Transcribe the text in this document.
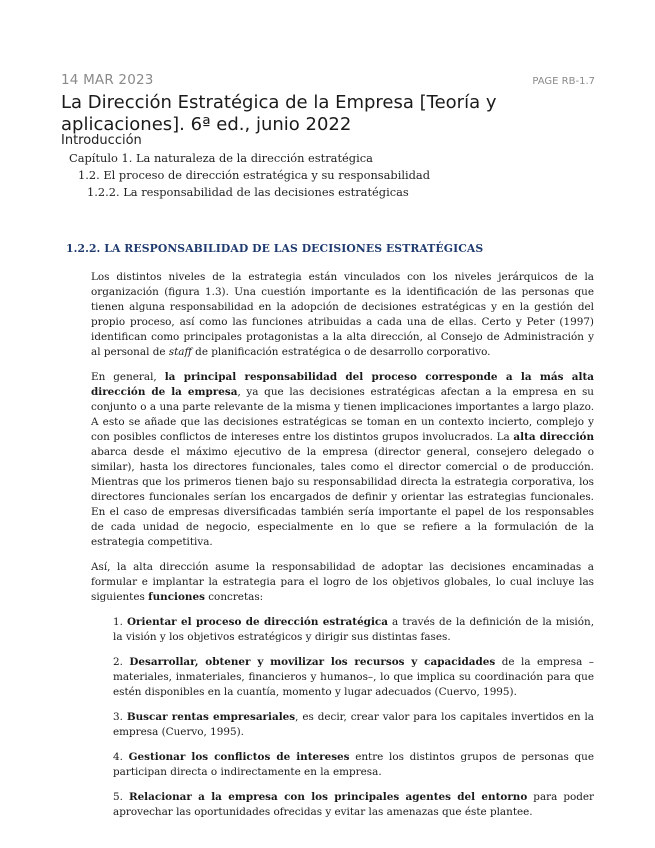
14 MAR 2023	PAGE RB-1.7
La Dirección Estratégica de la Empresa [Teoría y aplicaciones]. 6ª ed., junio 2022
Introducción
Capítulo 1. La naturaleza de la dirección estratégica
1.2. El proceso de dirección estratégica y su responsabilidad
1.2.2. La responsabilidad de las decisiones estratégicas
1.2.2. LA RESPONSABILIDAD DE LAS DECISIONES ESTRATÉGICAS

Los distintos niveles de la estrategia están vinculados con los niveles jerárquicos de la organización (figura 1.3). Una cuestión importante es la identificación de las personas que tienen alguna responsabilidad en la adopción de decisiones estratégicas y en la gestión del propio proceso, así como las funciones atribuidas a cada una de ellas. Certo y Peter (1997) identifican como principales protagonistas a la alta dirección, al Consejo de Administración y al personal de staff de planificación estratégica o de desarrollo corporativo.

En general, la principal responsabilidad del proceso corresponde a la más alta dirección de la empresa, ya que las decisiones estratégicas afectan a la empresa en su conjunto o a una parte relevante de la misma y tienen implicaciones importantes a largo plazo. A esto se añade que las decisiones estratégicas se toman en un contexto incierto, complejo y con posibles conflictos de intereses entre los distintos grupos involucrados. La alta dirección abarca desde el máximo ejecutivo de la empresa (director general, consejero delegado o similar), hasta los directores funcionales, tales como el director comercial o de producción. Mientras que los primeros tienen bajo su responsabilidad directa la estrategia corporativa, los directores funcionales serían los encargados de definir y orientar las estrategias funcionales. En el caso de empresas diversificadas también sería importante el papel de los responsables de cada unidad de negocio, especialmente en lo que se refiere a la formulación de la estrategia competitiva.

Así, la alta dirección asume la responsabilidad de adoptar las decisiones encaminadas a formular e implantar la estrategia para el logro de los objetivos globales, lo cual incluye las siguientes funciones concretas:

1. Orientar el proceso de dirección estratégica a través de la definición de la misión, la visión y los objetivos estratégicos y dirigir sus distintas fases.
2. Desarrollar, obtener y movilizar los recursos y capacidades de la empresa –materiales, inmateriales, financieros y humanos–, lo que implica su coordinación para que estén disponibles en la cuantía, momento y lugar adecuados (Cuervo, 1995).
3. Buscar rentas empresariales, es decir, crear valor para los capitales invertidos en la empresa (Cuervo, 1995).
4. Gestionar los conflictos de intereses entre los distintos grupos de personas que participan directa o indirectamente en la empresa.
5. Relacionar a la empresa con los principales agentes del entorno para poder aprovechar las oportunidades ofrecidas y evitar las amenazas que éste plantee.
